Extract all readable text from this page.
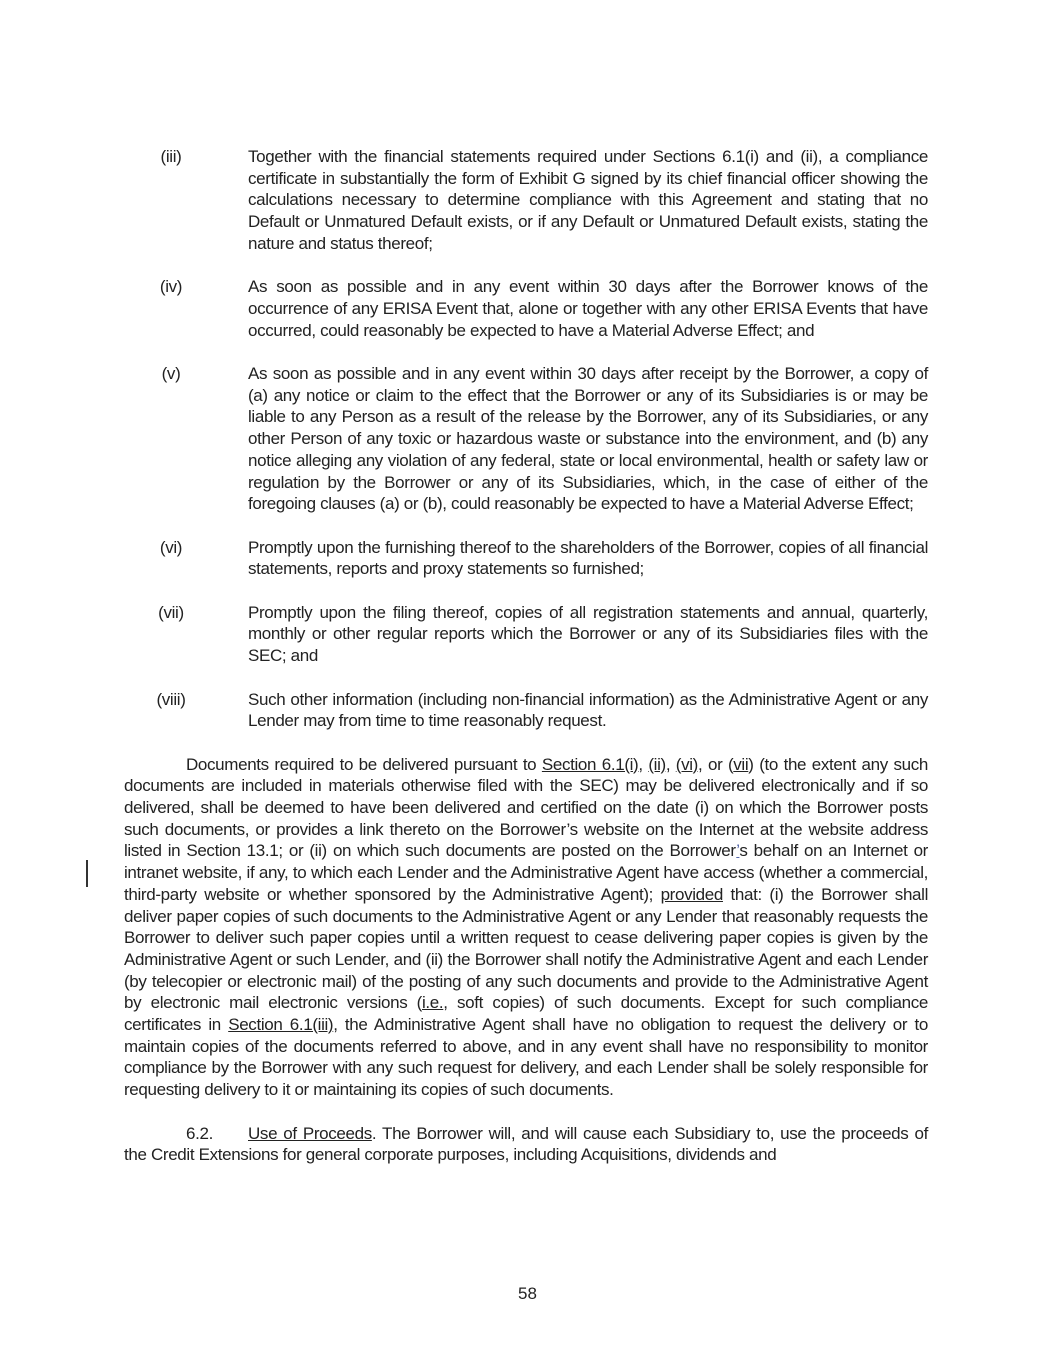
(iii)	Together with the financial statements required under Sections 6.1(i) and (ii), a compliance certificate in substantially the form of Exhibit G signed by its chief financial officer showing the calculations necessary to determine compliance with this Agreement and stating that no Default or Unmatured Default exists, or if any Default or Unmatured Default exists, stating the nature and status thereof;
(iv)	As soon as possible and in any event within 30 days after the Borrower knows of the occurrence of any ERISA Event that, alone or together with any other ERISA Events that have occurred, could reasonably be expected to have a Material Adverse Effect; and
(v)	As soon as possible and in any event within 30 days after receipt by the Borrower, a copy of (a) any notice or claim to the effect that the Borrower or any of its Subsidiaries is or may be liable to any Person as a result of the release by the Borrower, any of its Subsidiaries, or any other Person of any toxic or hazardous waste or substance into the environment, and (b) any notice alleging any violation of any federal, state or local environmental, health or safety law or regulation by the Borrower or any of its Subsidiaries, which, in the case of either of the foregoing clauses (a) or (b), could reasonably be expected to have a Material Adverse Effect;
(vi)	Promptly upon the furnishing thereof to the shareholders of the Borrower, copies of all financial statements, reports and proxy statements so furnished;
(vii)	Promptly upon the filing thereof, copies of all registration statements and annual, quarterly, monthly or other regular reports which the Borrower or any of its Subsidiaries files with the SEC; and
(viii)	Such other information (including non-financial information) as the Administrative Agent or any Lender may from time to time reasonably request.

Documents required to be delivered pursuant to Section 6.1(i), (ii), (vi), or (vii) (to the extent any such documents are included in materials otherwise filed with the SEC) may be delivered electronically and if so delivered, shall be deemed to have been delivered and certified on the date (i) on which the Borrower posts such documents, or provides a link thereto on the Borrower’s website on the Internet at the website address listed in Section 13.1; or (ii) on which such documents are posted on the Borrower’s behalf on an Internet or intranet website, if any, to which each Lender and the Administrative Agent have access (whether a commercial, third-party website or whether sponsored by the Administrative Agent); provided that: (i) the Borrower shall deliver paper copies of such documents to the Administrative Agent or any Lender that reasonably requests the Borrower to deliver such paper copies until a written request to cease delivering paper copies is given by the Administrative Agent or such Lender, and (ii) the Borrower shall notify the Administrative Agent and each Lender (by telecopier or electronic mail) of the posting of any such documents and provide to the Administrative Agent by electronic mail electronic versions (i.e., soft copies) of such documents. Except for such compliance certificates in Section 6.1(iii), the Administrative Agent shall have no obligation to request the delivery or to maintain copies of the documents referred to above, and in any event shall have no responsibility to monitor compliance by the Borrower with any such request for delivery, and each Lender shall be solely responsible for requesting delivery to it or maintaining its copies of such documents.

6.2. Use of Proceeds. The Borrower will, and will cause each Subsidiary to, use the proceeds of the Credit Extensions for general corporate purposes, including Acquisitions, dividends and

58
